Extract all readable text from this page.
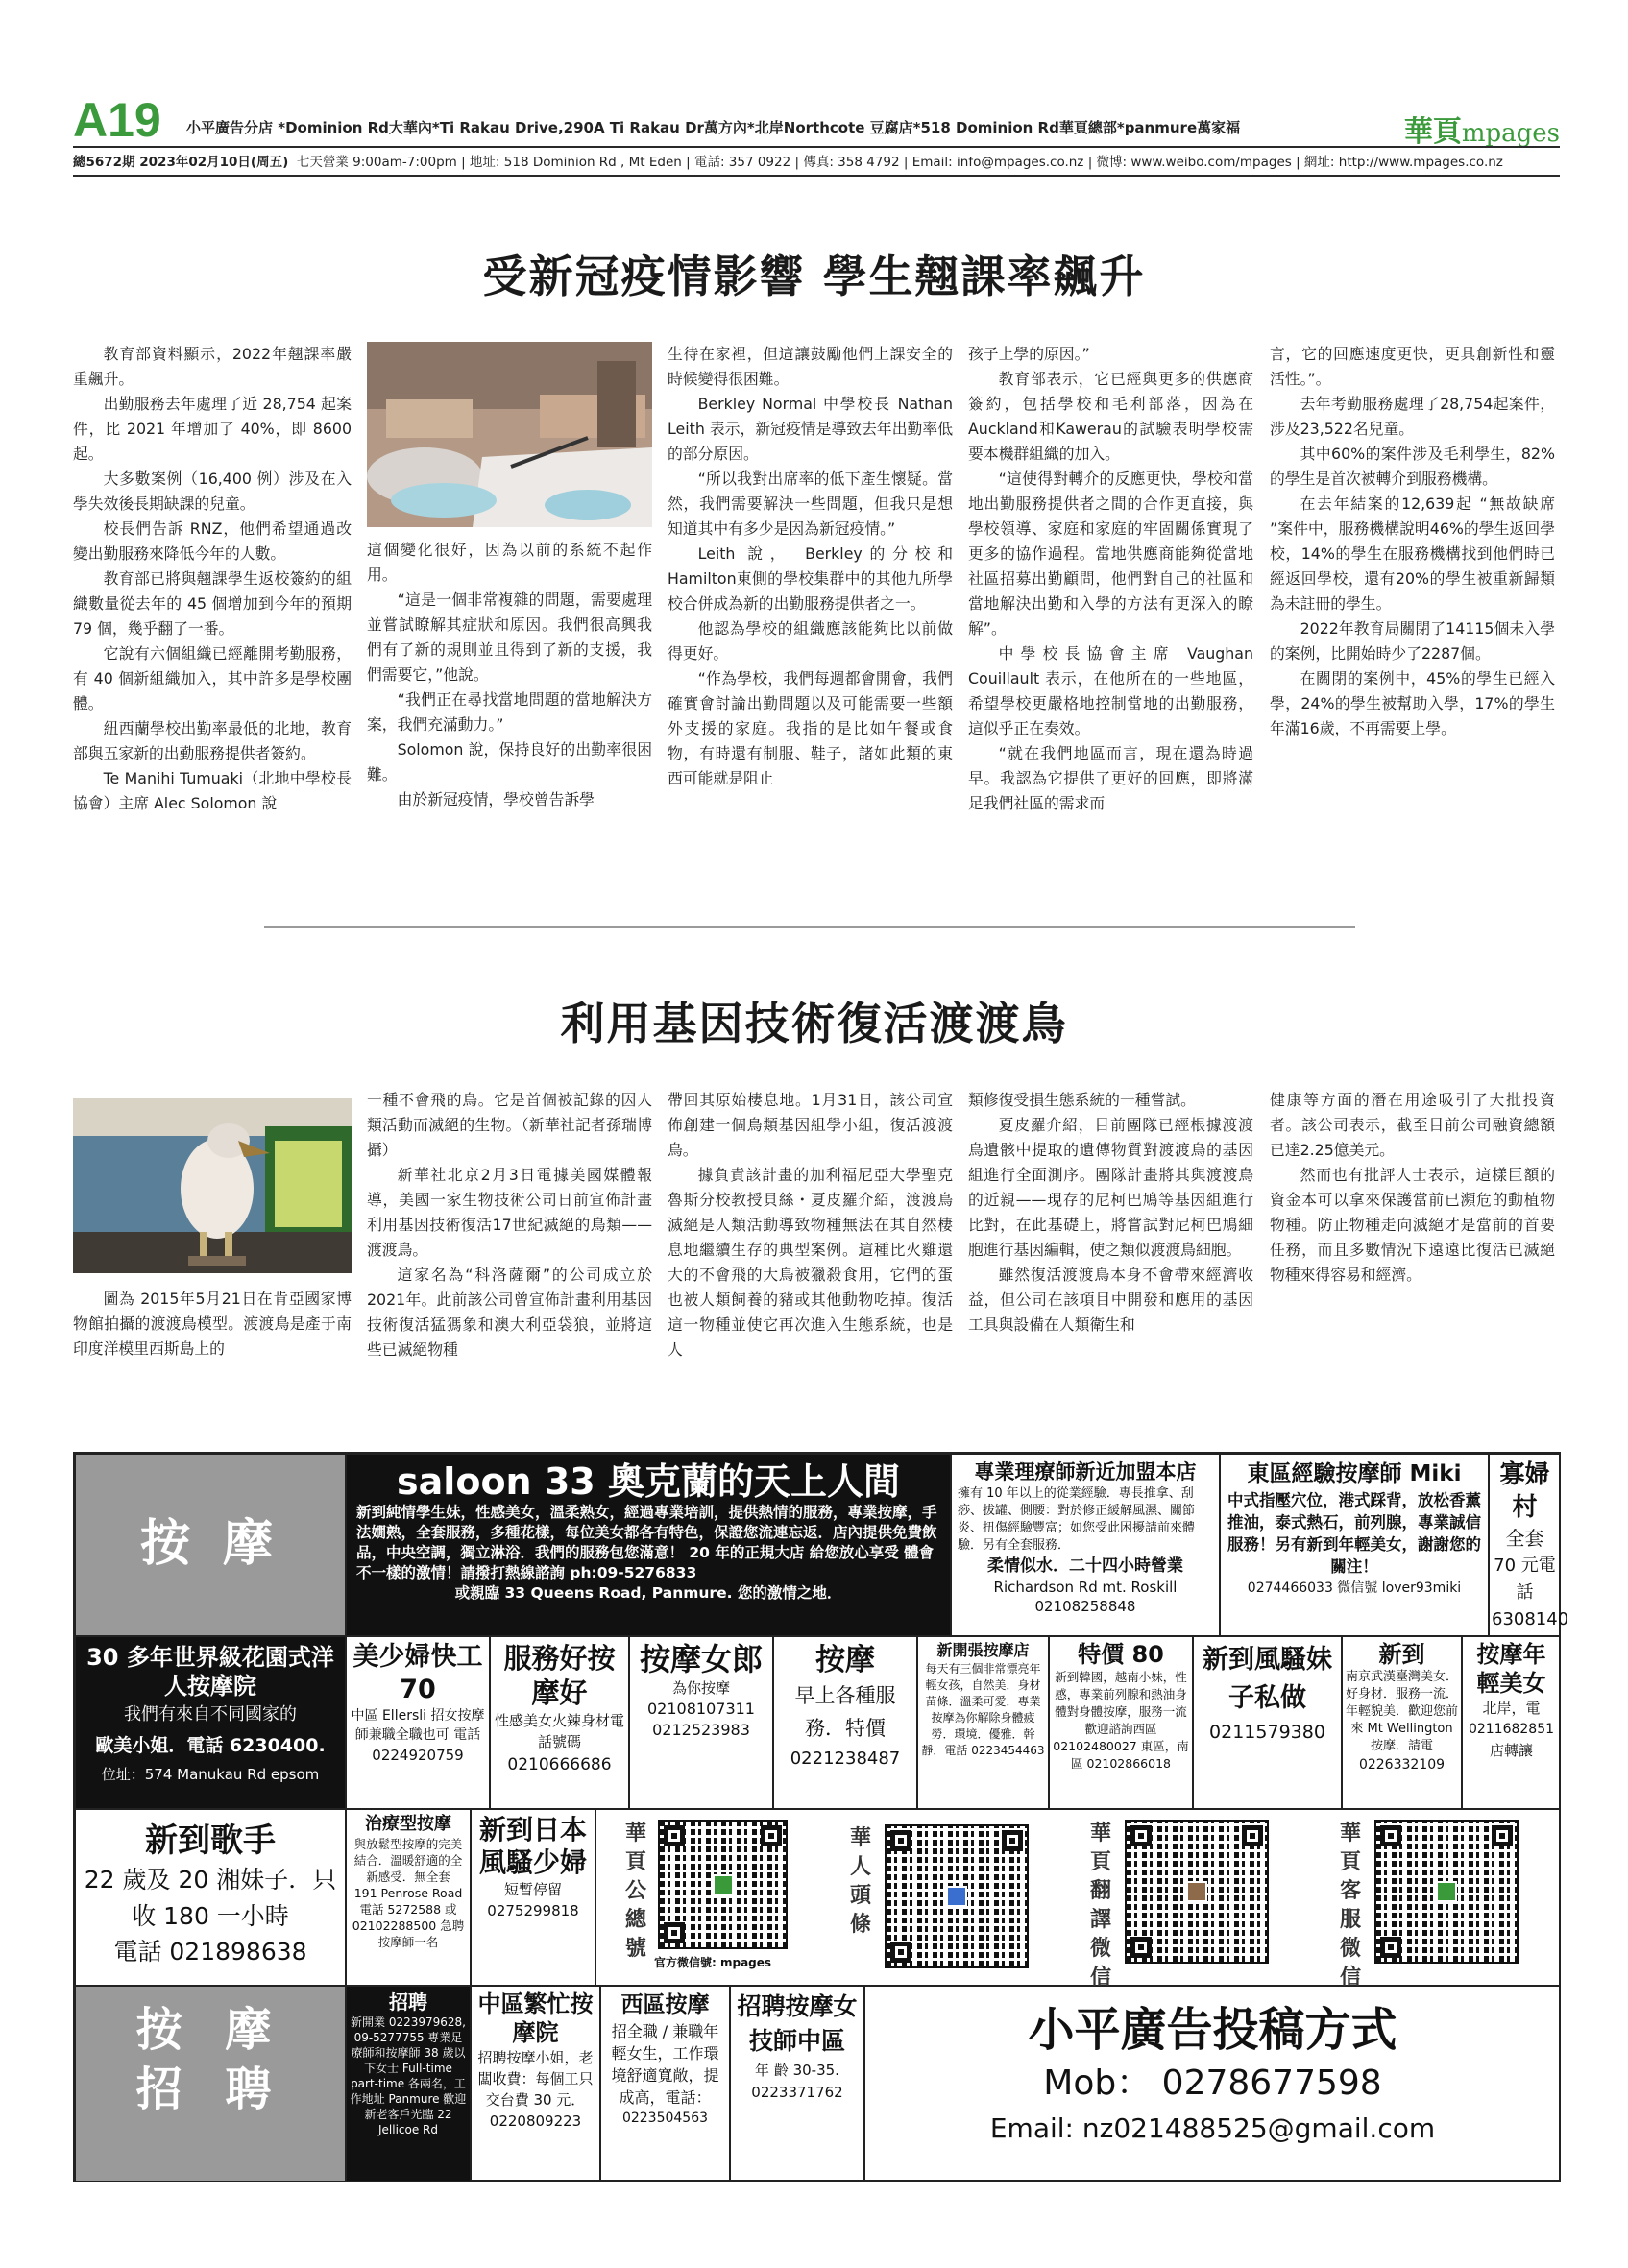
A19 小平廣告分店 *Dominion Rd大華內*Ti Rakau Drive,290A Ti Rakau Dr萬方內*北岸Northcote 豆腐店*518 Dominion Rd華頁總部*panmure萬家福	華頁mpages
總5672期 2023年02月10日(周五) 七天營業 9:00am-7:00pm | 地址: 518 Dominion Rd , Mt Eden | 電話: 357 0922 | 傳真: 358 4792 | Email: info@mpages.co.nz | 微博: www.weibo.com/mpages | 網址: http://www.mpages.co.nz
受新冠疫情影響 學生翹課率飆升

教育部資料顯示，2022年翹課率嚴重飆升。

出勤服務去年處理了近 28,754 起案件，比 2021 年增加了 40%，即 8600 起。

大多數案例（16,400 例）涉及在入學失效後長期缺課的兒童。

校長們告訴 RNZ，他們希望通過改變出勤服務來降低今年的人數。

教育部已將與翹課學生返校簽約的組織數量從去年的 45 個增加到今年的預期 79 個，幾乎翻了一番。

它說有六個組織已經離開考勤服務，有 40 個新組織加入，其中許多是學校團體。

紐西蘭學校出勤率最低的北地，教育部與五家新的出勤服務提供者簽約。

Te Manihi Tumuaki（北地中學校長協會）主席 Alec Solomon 說

這個變化很好，因為以前的系統不起作用。

“這是一個非常複雜的問題，需要處理並嘗試瞭解其症狀和原因。我們很高興我們有了新的規則並且得到了新的支援，我們需要它，”他說。

“我們正在尋找當地問題的當地解決方案，我們充滿動力。”

Solomon 說，保持良好的出勤率很困難。

由於新冠疫情，學校曾告訴學

生待在家裡，但這讓鼓勵他們上課安全的時候變得很困難。

Berkley Normal 中學校長 Nathan Leith 表示，新冠疫情是導致去年出勤率低的部分原因。

“所以我對出席率的低下產生懷疑。當然，我們需要解決一些問題，但我只是想知道其中有多少是因為新冠疫情。”

Leith 說， Berkley的分校和Hamilton東側的學校集群中的其他九所學校合併成為新的出勤服務提供者之一。

他認為學校的組織應該能夠比以前做得更好。

“作為學校，我們每週都會開會，我們確實會討論出勤問題以及可能需要一些額外支援的家庭。我指的是比如午餐或食物，有時還有制服、鞋子，諸如此類的東西可能就是阻止

孩子上學的原因。”

教育部表示，它已經與更多的供應商簽約，包括學校和毛利部落，因為在Auckland和Kawerau的試驗表明學校需要本機群組織的加入。

“這使得對轉介的反應更快，學校和當地出勤服務提供者之間的合作更直接，與學校領導、家庭和家庭的牢固關係實現了更多的協作過程。當地供應商能夠從當地社區招募出勤顧問，他們對自己的社區和當地解決出勤和入學的方法有更深入的瞭解”。

中學校長協會主席 Vaughan Couillault 表示，在他所在的一些地區，希望學校更嚴格地控制當地的出勤服務，這似乎正在奏效。

“就在我們地區而言，現在還為時過早。我認為它提供了更好的回應，即將滿足我們社區的需求而

言，它的回應速度更快，更具創新性和靈活性。”。

去年考勤服務處理了28,754起案件，涉及23,522名兒童。

其中60%的案件涉及毛利學生，82%的學生是首次被轉介到服務機構。

在去年結案的12,639起 “無故缺席 ”案件中，服務機構說明46%的學生返回學校，14%的學生在服務機構找到他們時已經返回學校，還有20%的學生被重新歸類為未註冊的學生。

2022年教育局關閉了14115個未入學的案例，比開始時少了2287個。

在關閉的案例中，45%的學生已經入學，24%的學生被幫助入學，17%的學生年滿16歲，不再需要上學。

利用基因技術復活渡渡鳥

圖為 2015年5月21日在肯亞國家博物館拍攝的渡渡鳥模型。渡渡鳥是產于南印度洋模里西斯島上的

一種不會飛的鳥。它是首個被記錄的因人類活動而滅絕的生物。（新華社記者孫瑞博攝）

新華社北京2月3日電據美國媒體報導，美國一家生物技術公司日前宣佈計畫利用基因技術復活17世紀滅絕的鳥類——渡渡鳥。

這家名為“科洛薩爾”的公司成立於2021年。此前該公司曾宣佈計畫利用基因技術復活猛獁象和澳大利亞袋狼，並將這些已滅絕物種

帶回其原始棲息地。1月31日，該公司宣佈創建一個鳥類基因組學小組，復活渡渡鳥。

據負責該計畫的加利福尼亞大學聖克魯斯分校教授貝絲・夏皮羅介紹，渡渡鳥滅絕是人類活動導致物種無法在其自然棲息地繼續生存的典型案例。這種比火雞還大的不會飛的大鳥被獵殺食用，它們的蛋也被人類飼養的豬或其他動物吃掉。復活這一物種並使它再次進入生態系統，也是人

類修復受損生態系統的一種嘗試。

夏皮羅介紹，目前團隊已經根據渡渡鳥遺骸中提取的遺傳物質對渡渡鳥的基因組進行全面測序。團隊計畫將其與渡渡鳥的近親——現存的尼柯巴鳩等基因組進行比對，在此基礎上，將嘗試對尼柯巴鳩細胞進行基因編輯，使之類似渡渡鳥細胞。

雖然復活渡渡鳥本身不會帶來經濟收益，但公司在該項目中開發和應用的基因工具與設備在人類衛生和

健康等方面的潛在用途吸引了大批投資者。該公司表示，截至目前公司融資總額已達2.25億美元。

然而也有批評人士表示，這樣巨額的資金本可以拿來保護當前已瀕危的動植物物種。防止物種走向滅絕才是當前的首要任務，而且多數情況下遠遠比復活已滅絕物種來得容易和經濟。

按 摩
saloon 33 奧克蘭的天上人間
新到純情學生妹，性感美女，溫柔熟女，經過專業培訓，提供熱情的服務，專業按摩，手法嫺熟，全套服務，多種花樣，每位美女都各有特色，保證您流連忘返．店內提供免費飲品，中央空調，獨立淋浴．我們的服務包您滿意！ 20 年的正規大店 給您放心享受 體會不一樣的激情！請撥打熱線諮詢 ph:09-5276833
或親臨 33 Queens Road, Panmure. 您的激情之地．
專業理療師新近加盟本店
擁有 10 年以上的從業經驗．專長推拿、刮痧、拔罐、側腰：對於修正緩解風濕、關節炎、扭傷經驗豐富；如您受此困擾請前來體驗．另有全套服務．
柔情似水．二十四小時營業
Richardson Rd mt. Roskill
02108258848
東區經驗按摩師 Miki
中式指壓穴位，港式踩背，放松香薰推油，泰式熱石，前列腺，專業誠信服務！另有新到年輕美女，謝謝您的關注！
0274466033 微信號 lover93miki
寡婦村
全套
70 元電話
6308140
30 多年世界級花園式洋人按摩院
我們有來自不同國家的
歐美小姐．電話 6230400.
位址：574 Manukau Rd epsom
美少婦快工 70
中區 Ellersli 招女按摩師兼職全職也可 電話
0224920759
服務好按摩好
性感美女火辣身材電話號碼
0210666686
按摩女郎
為你按摩
02108107311
0212523983
按摩
早上各種服務．特價
0221238487
新開張按摩店
每天有三個非常漂亮年輕女孩，自然美．身材苗條．溫柔可愛．專業按摩為你解除身體疲勞．環境．優雅．幹靜．電話 0223454463
特價 80
新到韓國，越南小妹，性感，專業前列腺和熱油身體對身體按摩，服務一流歡迎諮詢西區 02102480027 東區，南區 02102866018
新到風騷妹子私做
0211579380
新到
南京武漢臺灣美女．好身材．服務一流．年輕貌美．歡迎您前來 Mt Wellington 按摩．請電
0226332109
按摩年輕美女
北岸，電
0211682851
店轉讓
新到歌手
22 歲及 20 湘妹子．只收 180 一小時
電話 021898638
治療型按摩
與放鬆型按摩的完美結合．溫暖舒適的全新感受．無全套
191 Penrose Road 電話 5272588 或 02102288500 急聘按摩師一名
新到日本風騷少婦
短暫停留
0275299818
華頁公總號
官方微信號: mpages
華人頭條
華頁翻譯微信
華頁客服微信
按 摩 招 聘
招聘
新開業 0223979628, 09-5277755 專業足療師和按摩師 38 歲以下女士 Full-time part-time 各兩名，工作地址 Panmure 歡迎新老客戶光臨 22 Jellicoe Rd
中區繁忙按摩院
招聘按摩小姐，老闆收費：每個工只交台費 30 元．0220809223
西區按摩
招全職 / 兼職年輕女生，工作環境舒適寬敞，提成高，電話：
0223504563
招聘按摩女技師中區
年 齡 30-35.
0223371762
小平廣告投稿方式
Mob： 0278677598
Email: nz021488525@gmail.com
